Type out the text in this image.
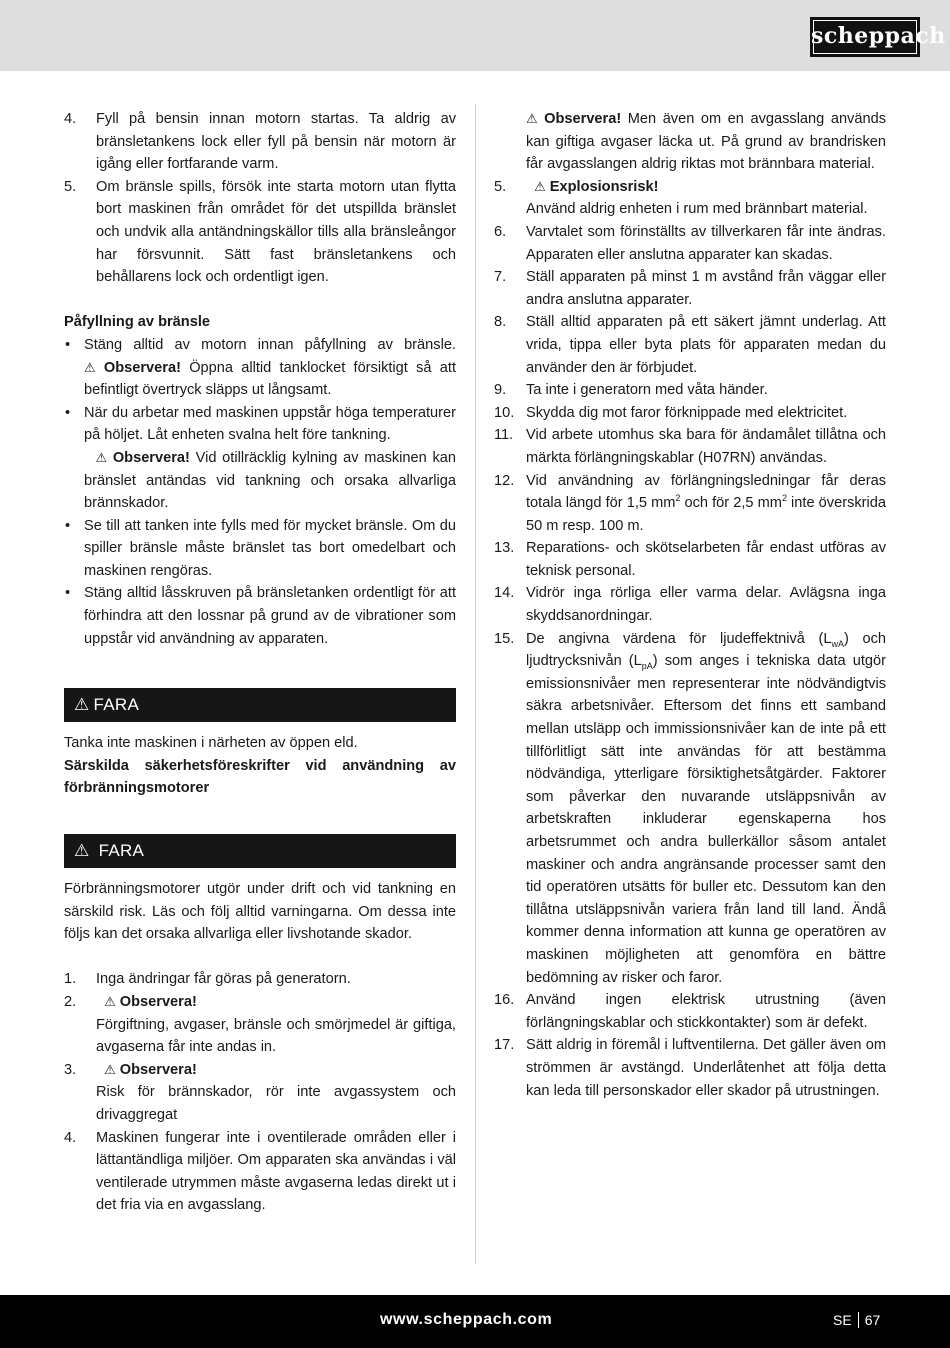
scheppach
4.	Fyll på bensin innan motorn startas. Ta aldrig av bränsletankens lock eller fyll på bensin när motorn är igång eller fortfarande varm.
5.	Om bränsle spills, försök inte starta motorn utan flytta bort maskinen från området för det utspillda bränslet och undvik alla antändningskällor tills alla bränsleångor har försvunnit. Sätt fast bränsletankens och behållarens lock och ordentligt igen.

Påfyllning av bränsle

• Stäng alltid av motorn innan påfyllning av bränsle. ⚠ Observera! Öppna alltid tanklocket försiktigt så att befintligt övertryck släpps ut långsamt.
• När du arbetar med maskinen uppstår höga temperaturer på höljet. Låt enheten svalna helt före tankning.
⚠ Observera! Vid otillräcklig kylning av maskinen kan bränslet antändas vid tankning och orsaka allvarliga brännskador.
• Se till att tanken inte fylls med för mycket bränsle. Om du spiller bränsle måste bränslet tas bort omedelbart och maskinen rengöras.
• Stäng alltid låsskruven på bränsletanken ordentligt för att förhindra att den lossnar på grund av de vibrationer som uppstår vid användning av apparaten.
⚠ FARA

Tanka inte maskinen i närheten av öppen eld.

Särskilda säkerhetsföreskrifter vid användning av förbränningsmotorer

⚠ FARA

Förbränningsmotorer utgör under drift och vid tankning en särskild risk. Läs och följ alltid varningarna. Om dessa inte följs kan det orsaka allvarliga eller livshotande skador.

1.	Inga ändringar får göras på generatorn.
2.	⚠ Observera!
Förgiftning, avgaser, bränsle och smörjmedel är giftiga, avgaserna får inte andas in.
3.	⚠ Observera!
Risk för brännskador, rör inte avgassystem och drivaggregat
4.	Maskinen fungerar inte i oventilerade områden eller i lättantändliga miljöer. Om apparaten ska användas i väl ventilerade utrymmen måste avgaserna ledas direkt ut i det fria via en avgasslang.
⚠ Observera! Men även om en avgasslang används kan giftiga avgaser läcka ut. På grund av brandrisken får avgasslangen aldrig riktas mot brännbara material.
5.	⚠ Explosionsrisk!
Använd aldrig enheten i rum med brännbart material.
6.	Varvtalet som förinställts av tillverkaren får inte ändras. Apparaten eller anslutna apparater kan skadas.
7.	Ställ apparaten på minst 1 m avstånd från väggar eller andra anslutna apparater.
8.	Ställ alltid apparaten på ett säkert jämnt underlag. Att vrida, tippa eller byta plats för apparaten medan du använder den är förbjudet.
9.	Ta inte i generatorn med våta händer.
10. Skydda dig mot faror förknippade med elektricitet.
11. Vid arbete utomhus ska bara för ändamålet tillåtna och märkta förlängningskablar (H07RN) användas.
12. Vid användning av förlängningsledningar får deras totala längd för 1,5 $mm^2$ och för 2,5 $mm^2$ inte överskrida 50 m resp. 100 m.
13. Reparations- och skötselarbeten får endast utföras av teknisk personal.
14. Vidrör inga rörliga eller varma delar. Avlägsna inga skyddsanordningar.
15. De angivna värdena för ljudeffektnivå $(L_{wA})$ och ljudtrycksnivån $(L_{pA})$ som anges i tekniska data utgör emissionsnivåer men representerar inte nödvändigtvis säkra arbetsnivåer. Eftersom det finns ett samband mellan utsläpp och immissionsnivåer kan de inte på ett tillförlitligt sätt inte användas för att bestämma nödvändiga, ytterligare försiktighetsåtgärder. Faktorer som påverkar den nuvarande utsläppsnivån av arbetskraften inkluderar egenskaperna hos arbetsrummet och andra bullerkällor såsom antalet maskiner och andra angränsande processer samt den tid operatören utsätts för buller etc. Dessutom kan den tillåtna utsläppsnivån variera från land till land. Ändå kommer denna information att kunna ge operatören av maskinen möjligheten att genomföra en bättre bedömning av risker och faror.
16. Använd ingen elektrisk utrustning (även förlängningskablar och stickkontakter) som är defekt.
17. Sätt aldrig in föremål i luftventilerna. Det gäller även om strömmen är avstängd. Underlåtenhet att följa detta kan leda till personskador eller skador på utrustningen.
www.scheppach.com	SE 67
